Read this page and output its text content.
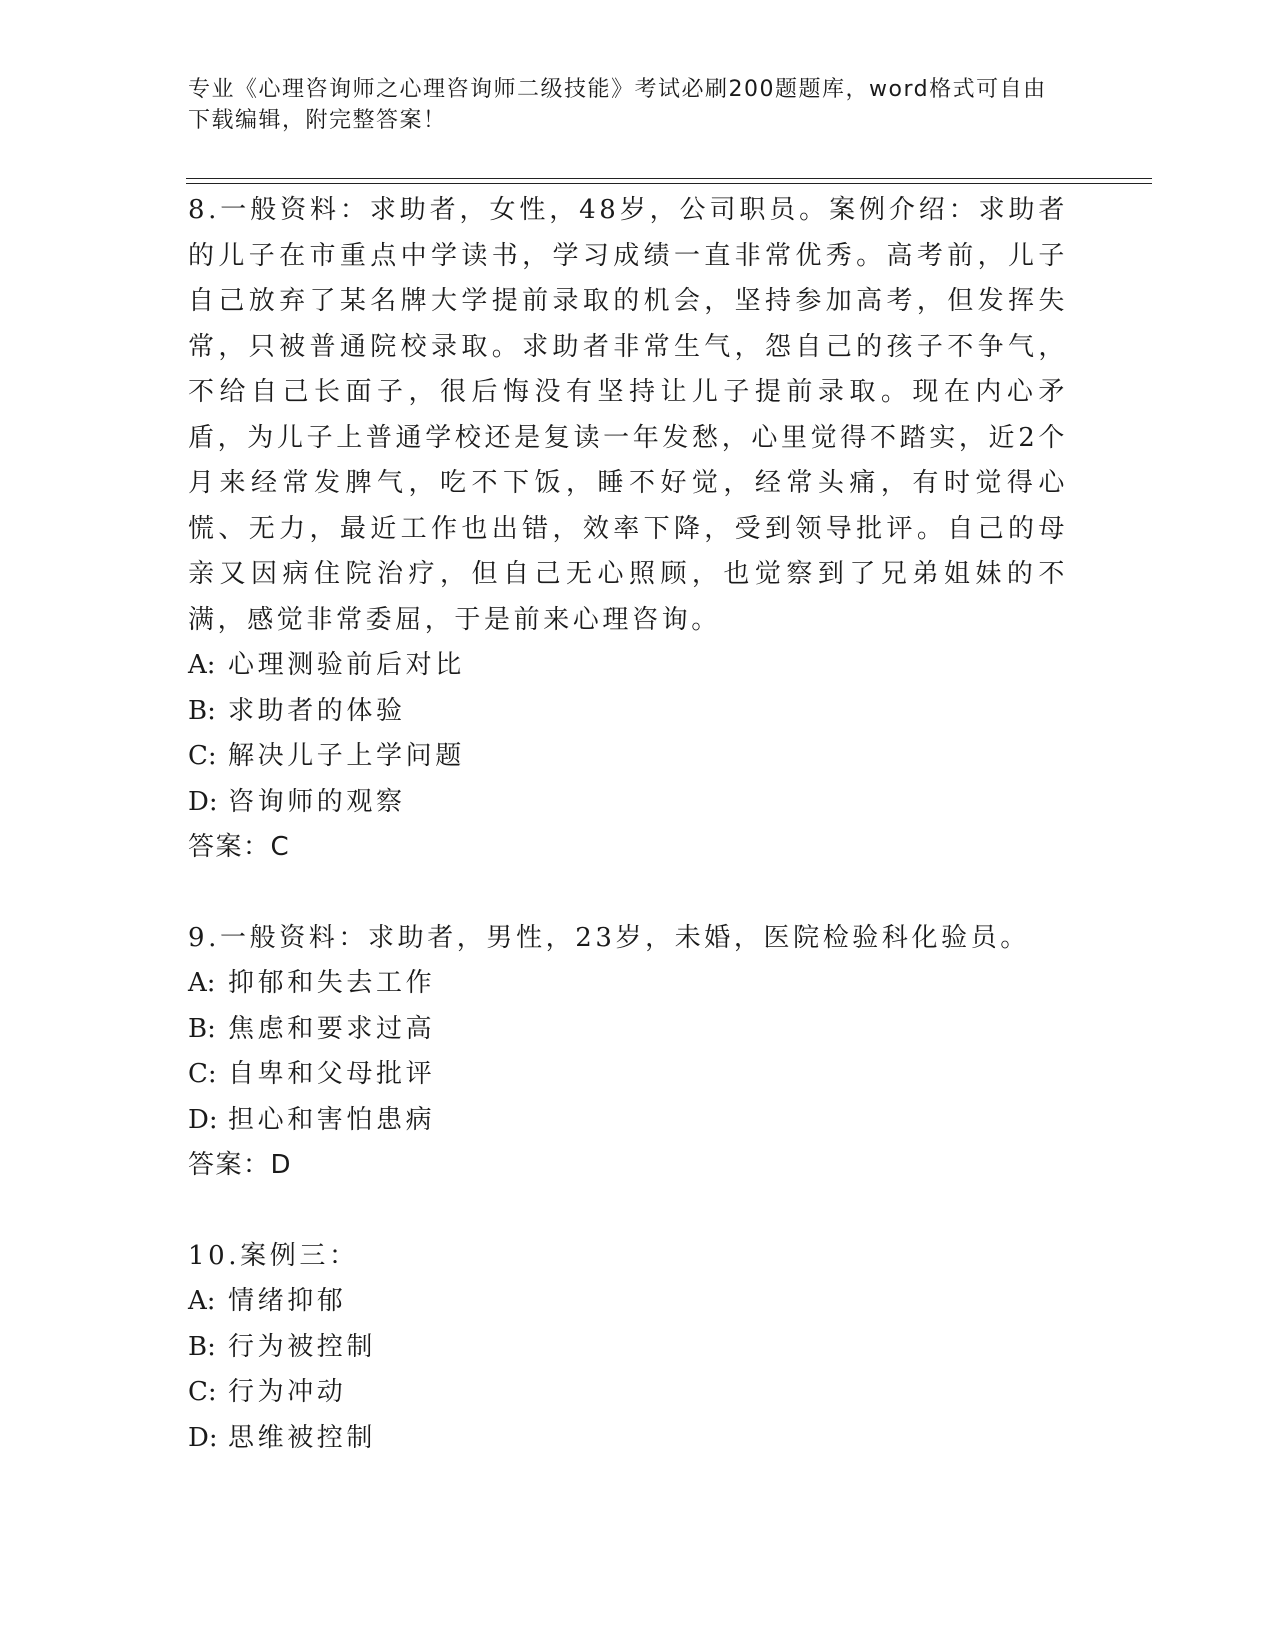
专业《心理咨询师之心理咨询师二级技能》考试必刷200题题库，word格式可自由下载编辑，附完整答案！

8.一般资料：求助者，女性，48岁，公司职员。案例介绍：求助者的儿子在市重点中学读书，学习成绩一直非常优秀。高考前，儿子自己放弃了某名牌大学提前录取的机会，坚持参加高考，但发挥失常，只被普通院校录取。求助者非常生气，怨自己的孩子不争气，不给自己长面子，很后悔没有坚持让儿子提前录取。现在内心矛盾，为儿子上普通学校还是复读一年发愁，心里觉得不踏实，近2个月来经常发脾气，吃不下饭，睡不好觉，经常头痛，有时觉得心慌、无力，最近工作也出错，效率下降，受到领导批评。自己的母亲又因病住院治疗，但自己无心照顾，也觉察到了兄弟姐妹的不满，感觉非常委屈，于是前来心理咨询。

A: 心理测验前后对比
B: 求助者的体验
C: 解决儿子上学问题
D: 咨询师的观察
答案：C

9.一般资料：求助者，男性，23岁，未婚，医院检验科化验员。

A: 抑郁和失去工作
B: 焦虑和要求过高
C: 自卑和父母批评
D: 担心和害怕患病
答案：D

10.案例三：

A: 情绪抑郁
B: 行为被控制
C: 行为冲动
D: 思维被控制
